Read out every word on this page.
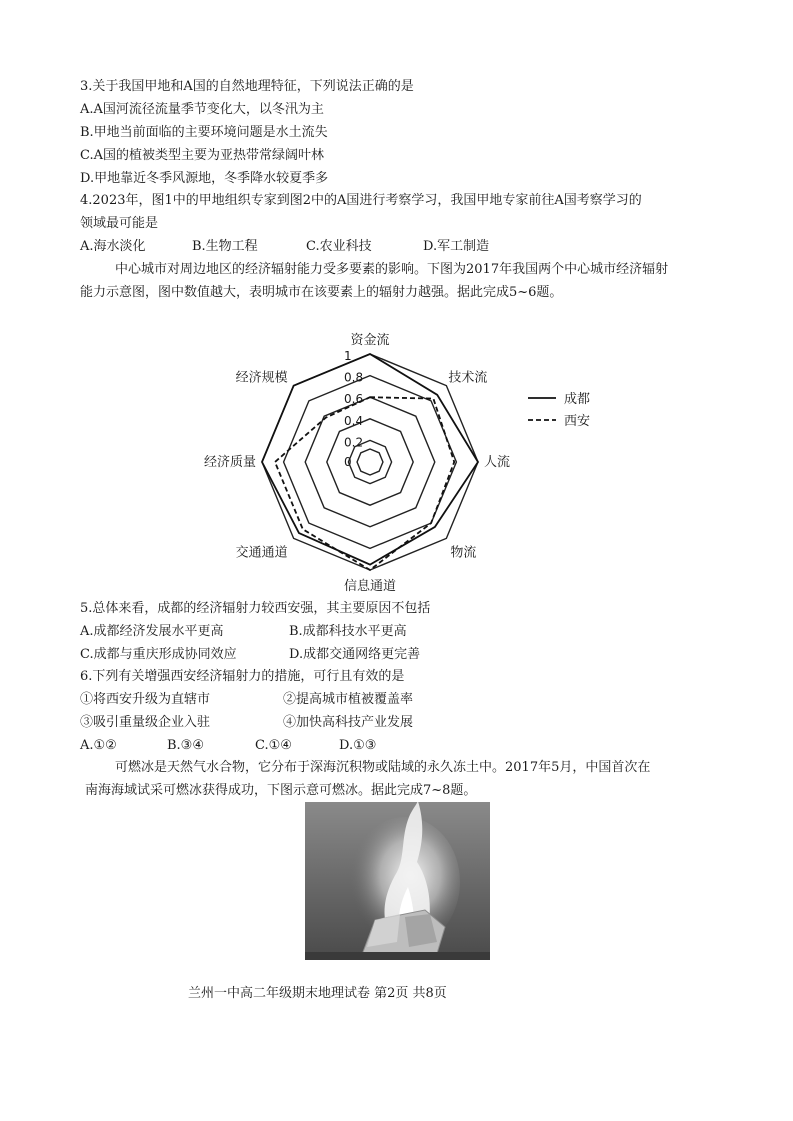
3.关于我国甲地和A国的自然地理特征，下列说法正确的是
A.A国河流径流量季节变化大，以冬汛为主
B.甲地当前面临的主要环境问题是水土流失
C.A国的植被类型主要为亚热带常绿阔叶林
D.甲地靠近冬季风源地，冬季降水较夏季多
4.2023年，图1中的甲地组织专家到图2中的A国进行考察学习，我国甲地专家前往A国考察学习的
领域最可能是
A.海水淡化	B.生物工程	C.农业科技	D.军工制造
中心城市对周边地区的经济辐射能力受多要素的影响。下图为2017年我国两个中心城市经济辐射
能力示意图，图中数值越大，表明城市在该要素上的辐射力越强。据此完成5~6题。
0
0.2
0.4
0.6
0.8
1
资金流
技术流
人流
物流
信息通道
交通通道
经济质量
经济规模
成都
西安
5.总体来看，成都的经济辐射力较西安强，其主要原因不包括
A.成都经济发展水平更高	B.成都科技水平更高
C.成都与重庆形成协同效应	D.成都交通网络更完善
6.下列有关增强西安经济辐射力的措施，可行且有效的是
①将西安升级为直辖市	②提高城市植被覆盖率
③吸引重量级企业入驻	④加快高科技产业发展
A.①②	B.③④	C.①④	D.①③
可燃冰是天然气水合物，它分布于深海沉积物或陆域的永久冻土中。2017年5月，中国首次在
南海海域试采可燃冰获得成功，下图示意可燃冰。据此完成7~8题。
兰州一中高二年级期末地理试卷 第2页 共8页
